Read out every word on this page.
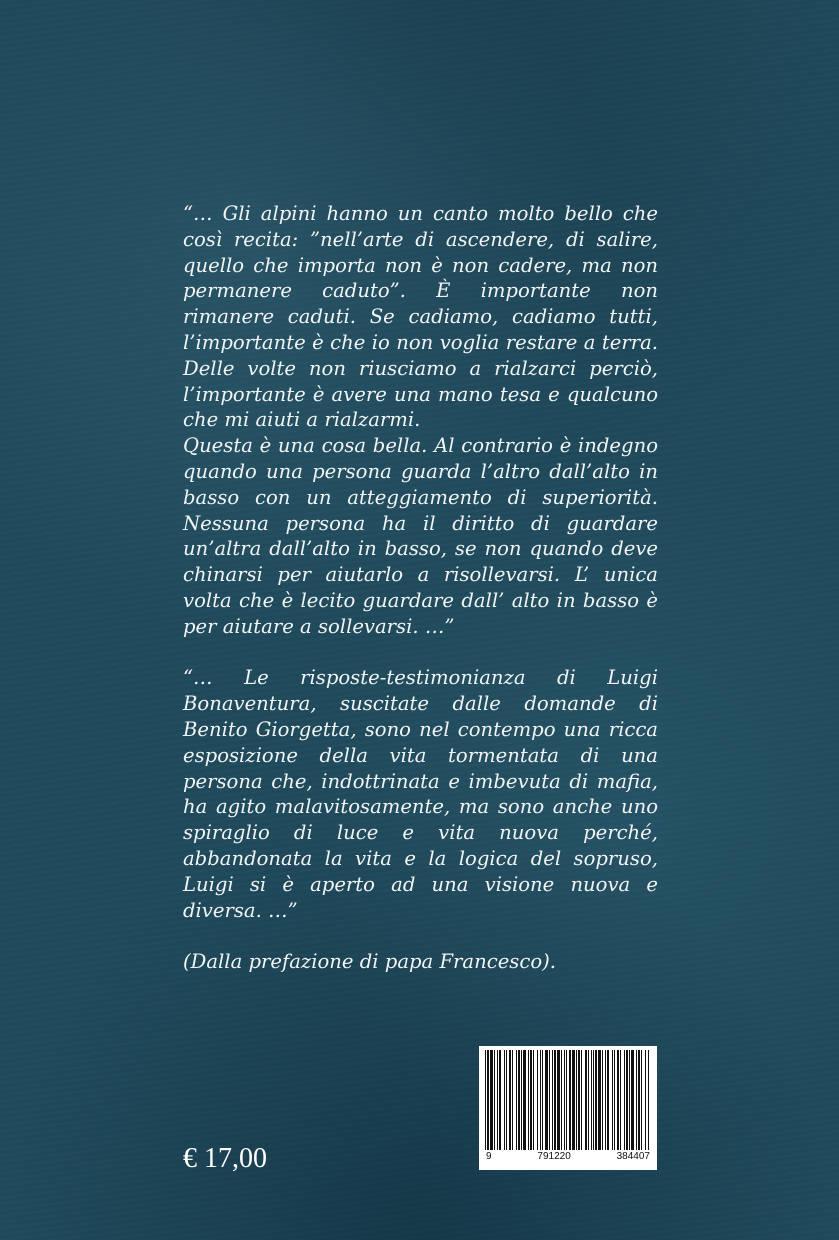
“… Gli alpini hanno un canto molto bello che così recita: ”nell’arte di ascendere, di salire, quello che importa non è non cadere, ma non permanere caduto”. È importante non rimanere caduti. Se cadiamo, cadiamo tutti, l’importante è che io non voglia restare a terra. Delle volte non riusciamo a rialzarci perciò, l’importante è avere una mano tesa e qualcuno che mi aiuti a rialzarmi.

Questa è una cosa bella. Al contrario è indegno quando una persona guarda l’altro dall’alto in basso con un atteggiamento di superiorità. Nessuna persona ha il diritto di guardare un’altra dall’alto in basso, se non quando deve chinarsi per aiutarlo a risollevarsi. L’ unica volta che è lecito guardare dall’ alto in basso è per aiutare a sollevarsi. …”

“… Le risposte-testimonianza di Luigi Bonaventura, suscitate dalle domande di Benito Giorgetta, sono nel contempo una ricca esposizione della vita tormentata di una persona che, indottrinata e imbevuta di mafia, ha agito malavitosamente, ma sono anche uno spiraglio di luce e vita nuova perché, abbandonata la vita e la logica del sopruso, Luigi si è aperto ad una visione nuova e diversa. …”

(Dalla prefazione di papa Francesco).

€ 17,00	9	791220	384407
